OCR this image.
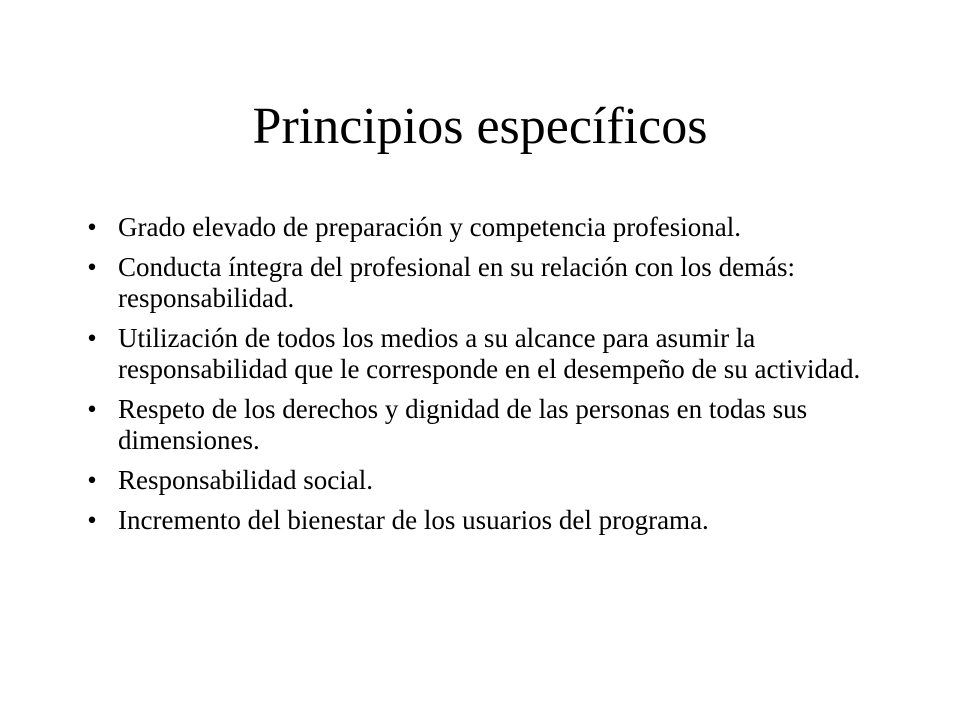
Principios específicos
• Grado elevado de preparación y competencia profesional.
• Conducta íntegra del profesional en su relación con los demás: responsabilidad.
• Utilización de todos los medios a su alcance para asumir la responsabilidad que le corresponde en el desempeño de su actividad.
• Respeto de los derechos y dignidad de las personas en todas sus dimensiones.
• Responsabilidad social.
• Incremento del bienestar de los usuarios del programa.
